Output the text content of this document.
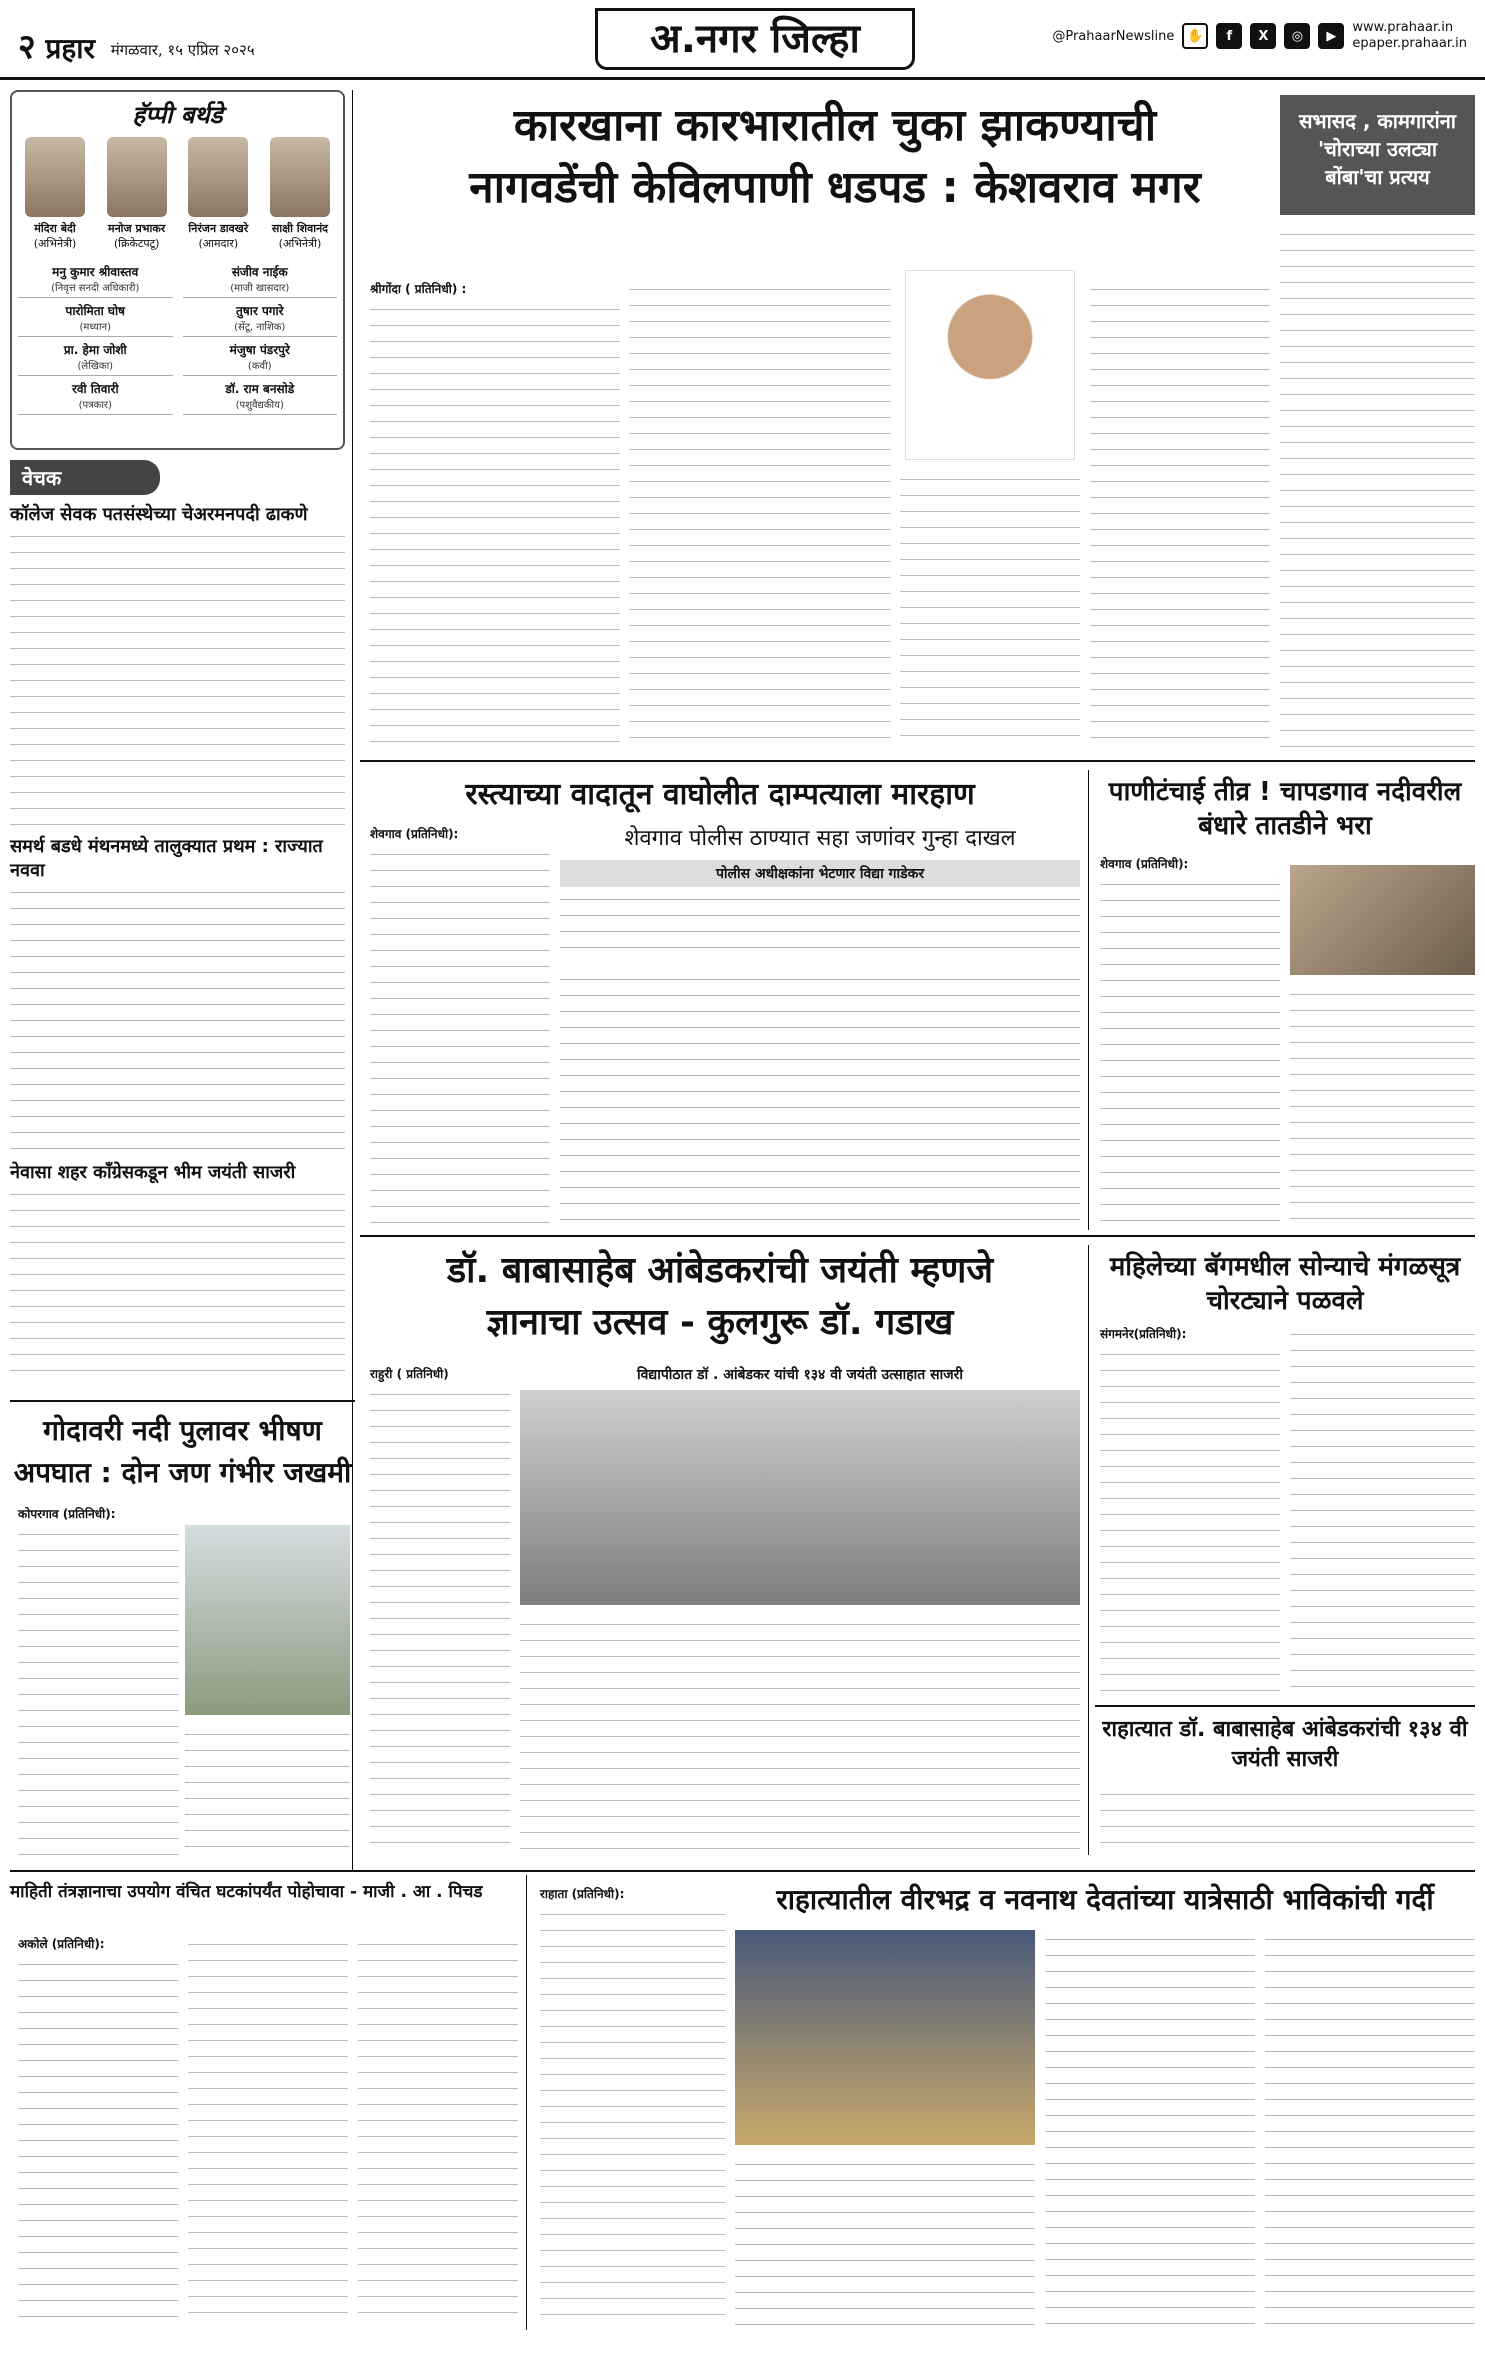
२ प्रहार मंगळवार, १५ एप्रिल २०२५	अ.नगर जिल्हा	@PrahaarNewsline ✋	f	X	◎	▶
www.prahaar.in
epaper.prahaar.in
हॅप्पी बर्थडे
मंदिरा बेदी
(अभिनेत्री)
मनोज प्रभाकर
(क्रिकेटपटू)
निरंजन डावखरे
(आमदार)
साक्षी शिवानंद
(अभिनेत्री)
मनु कुमार श्रीवास्तव
(निवृत्त सनदी अधिकारी)
संजीव नाईक
(माजी खासदार)
पारोमिता घोष
(मध्यान)
तुषार पगारे
(सेंटू, नाशिक)
प्रा. हेमा जोशी
(लेखिका)
मंजुषा पंडरपुरे
(कवी)
रवी तिवारी
(पत्रकार)
डॉ. राम बनसोडे
(पशुवैद्यकीय)
वेचक
कॉलेज सेवक पतसंस्थेच्या चेअरमनपदी ढाकणे
समर्थ बडधे मंथनमध्ये तालुक्यात प्रथम : राज्यात नववा
नेवासा शहर काँग्रेसकडून भीम जयंती साजरी
कारखाना कारभारातील चुका झाकण्याची
नागवडेंची केविलपाणी धडपड : केशवराव मगर
सभासद , कामगारांना 'चोराच्या उलट्या बोंबा'चा प्रत्यय
श्रीगोंदा ( प्रतिनिधी) :
रस्त्याच्या वादातून वाघोलीत दाम्पत्याला मारहाण
शेवगाव पोलीस ठाण्यात सहा जणांवर गुन्हा दाखल
शेवगाव (प्रतिनिधी):
पोलीस अधीक्षकांना भेटणार विद्या गाडेकर
पाणीटंचाई तीव्र ! चापडगाव नदीवरील बंधारे तातडीने भरा
शेवगाव (प्रतिनिधी):
डॉ. बाबासाहेब आंबेडकरांची जयंती म्हणजे
ज्ञानाचा उत्सव - कुलगुरू डॉ. गडाख
राहुरी ( प्रतिनिधी)	विद्यापीठात डॉ . आंबेडकर यांची १३४ वी जयंती उत्साहात साजरी
महिलेच्या बॅगमधील सोन्याचे मंगळसूत्र चोरट्याने पळवले
संगमनेर(प्रतिनिधी):
राहात्यात डॉ. बाबासाहेब आंबेडकरांची १३४ वी जयंती साजरी
गोदावरी नदी पुलावर भीषण
अपघात : दोन जण गंभीर जखमी
कोपरगाव (प्रतिनिधी):
माहिती तंत्रज्ञानाचा उपयोग वंचित घटकांपर्यंत पोहोचावा - माजी . आ . पिचड
अकोले (प्रतिनिधी):
राहाता (प्रतिनिधी):	राहात्यातील वीरभद्र व नवनाथ देवतांच्या यात्रेसाठी भाविकांची गर्दी
